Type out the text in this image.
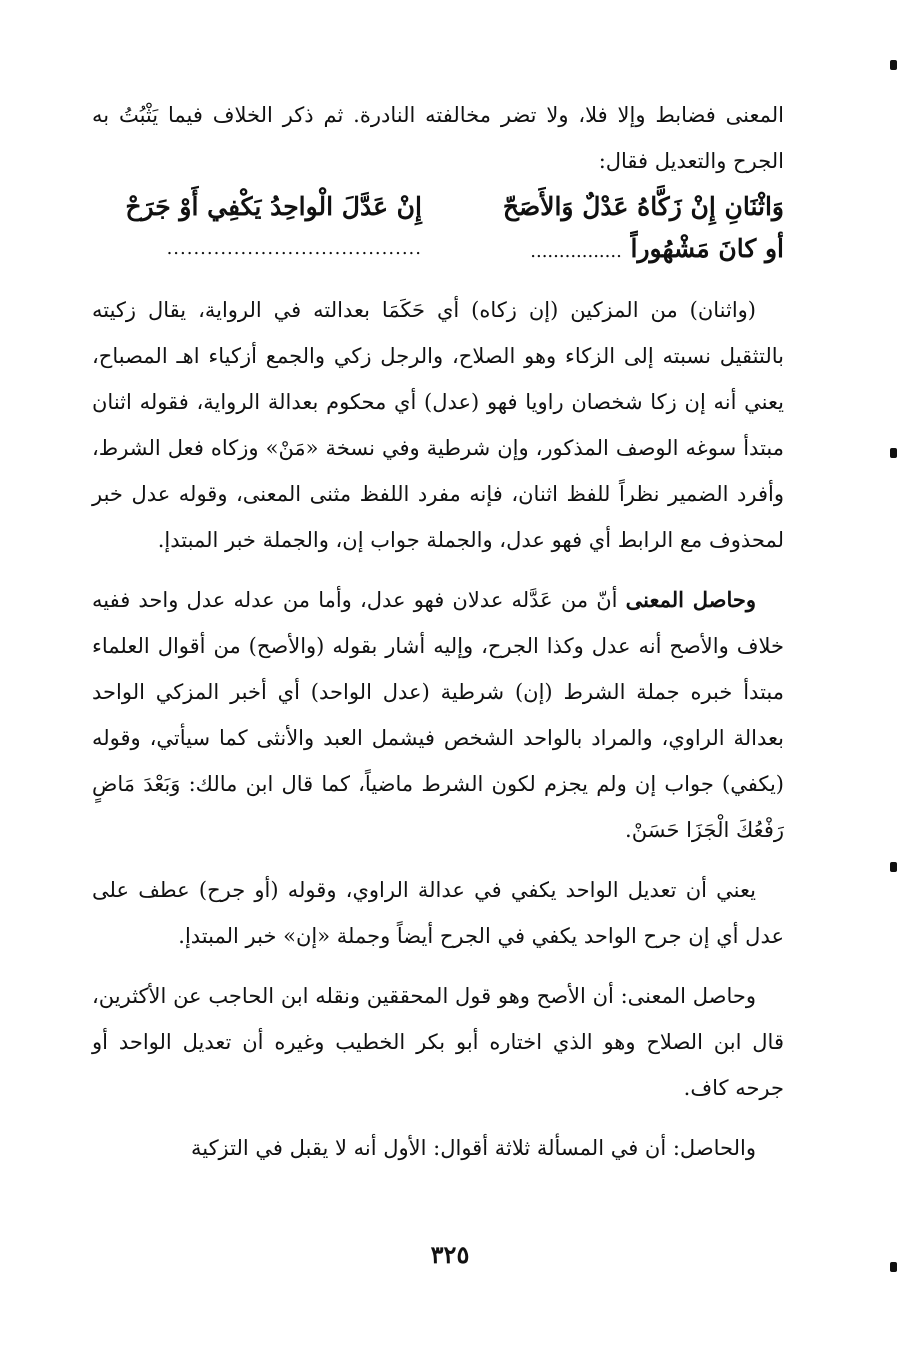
المعنى فضابط وإلا فلا، ولا تضر مخالفته النادرة. ثم ذكر الخلاف فيما يَثْبُتُ به الجرح والتعديل فقال:

وَاثْنَانِ إِنْ زَكَّاهُ عَدْلٌ وَالأَصَحّ
أو كانَ مَشْهُوراً ................
إِنْ عَدَّلَ الْواحِدُ يَكْفِي أَوْ جَرَحْ
......................................

(واثنان) من المزكين (إن زكاه) أي حَكَمَا بعدالته في الرواية، يقال زكيته بالتثقيل نسبته إلى الزكاء وهو الصلاح، والرجل زكي والجمع أزكياء اهـ المصباح، يعني أنه إن زكا شخصان راويا فهو (عدل) أي محكوم بعدالة الرواية، فقوله اثنان مبتدأ سوغه الوصف المذكور، وإن شرطية وفي نسخة «مَنْ» وزكاه فعل الشرط، وأفرد الضمير نظراً للفظ اثنان، فإنه مفرد اللفظ مثنى المعنى، وقوله عدل خبر لمحذوف مع الرابط أي فهو عدل، والجملة جواب إن، والجملة خبر المبتدإ.

وحاصل المعنى أنّ من عَدَّله عدلان فهو عدل، وأما من عدله عدل واحد ففيه خلاف والأصح أنه عدل وكذا الجرح، وإليه أشار بقوله (والأصح) من أقوال العلماء مبتدأ خبره جملة الشرط (إن) شرطية (عدل الواحد) أي أخبر المزكي الواحد بعدالة الراوي، والمراد بالواحد الشخص فيشمل العبد والأنثى كما سيأتي، وقوله (يكفي) جواب إن ولم يجزم لكون الشرط ماضياً، كما قال ابن مالك: وَبَعْدَ مَاضٍ رَفْعُكَ الْجَزَا حَسَنْ.

يعني أن تعديل الواحد يكفي في عدالة الراوي، وقوله (أو جرح) عطف على عدل أي إن جرح الواحد يكفي في الجرح أيضاً وجملة «إن» خبر المبتدإ.

وحاصل المعنى: أن الأصح وهو قول المحققين ونقله ابن الحاجب عن الأكثرين، قال ابن الصلاح وهو الذي اختاره أبو بكر الخطيب وغيره أن تعديل الواحد أو جرحه كاف.

والحاصل: أن في المسألة ثلاثة أقوال: الأول أنه لا يقبل في التزكية

٣٢٥
